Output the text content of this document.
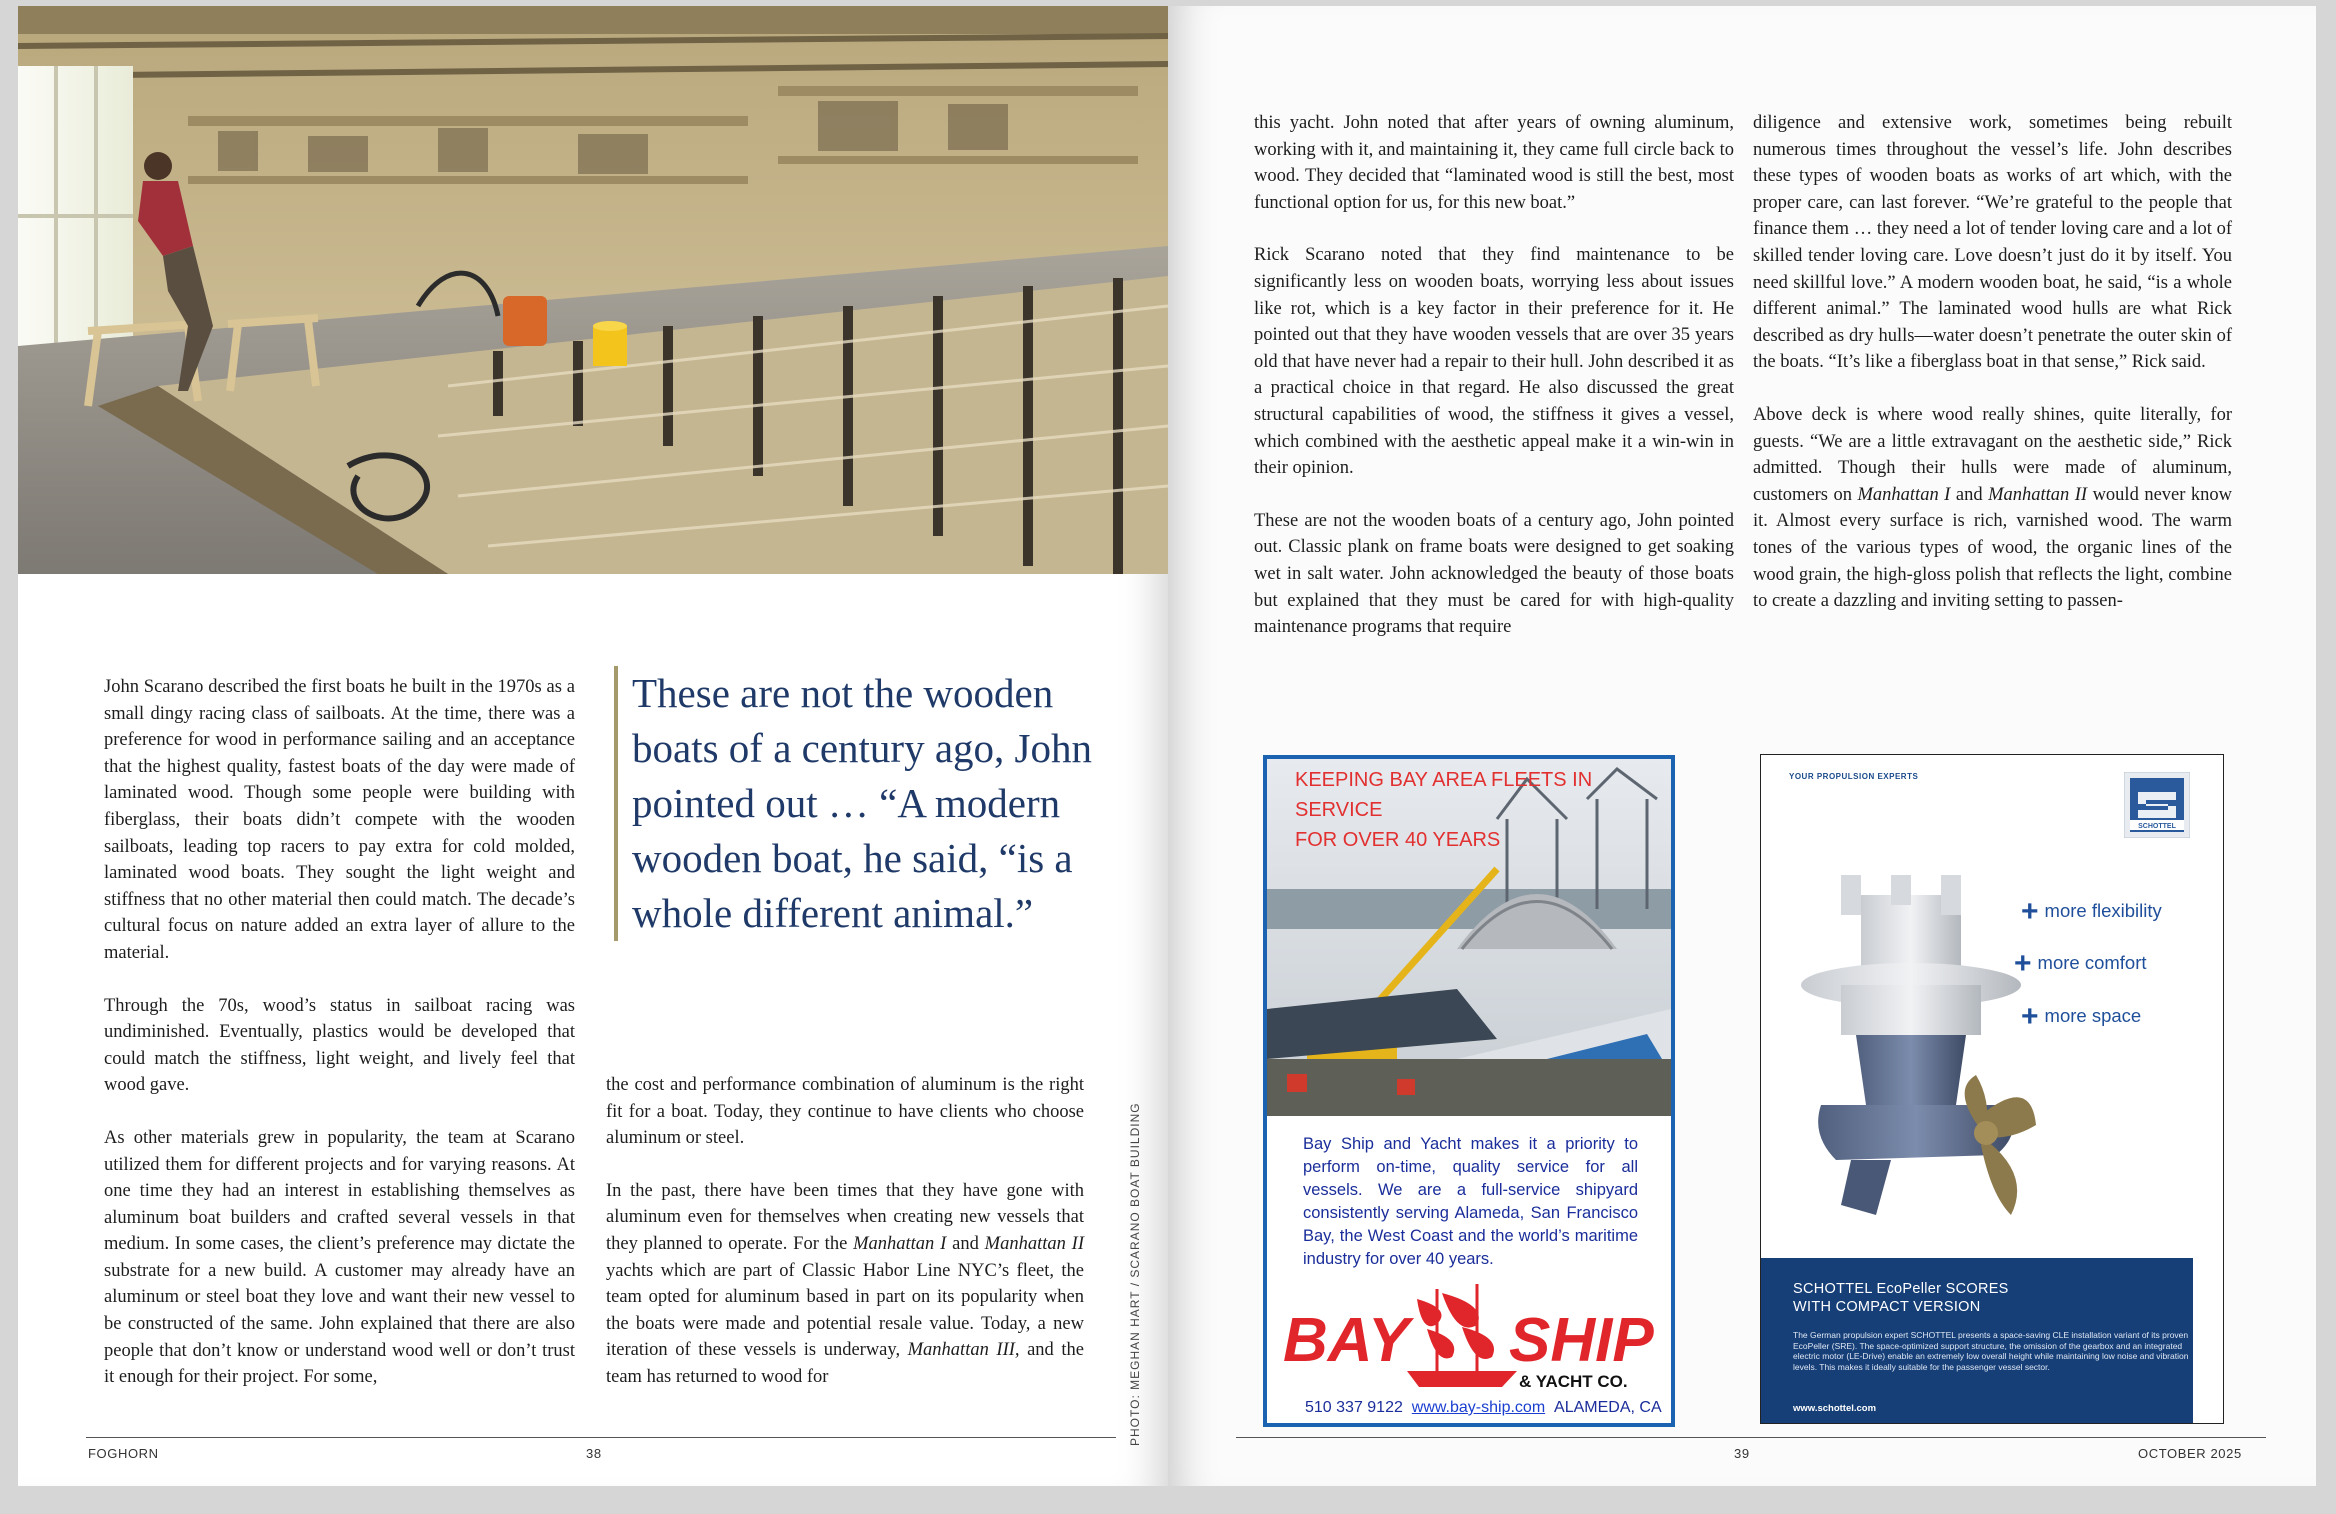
John Scarano described the first boats he built in the 1970s as a small dingy racing class of sailboats. At the time, there was a preference for wood in performance sailing and an acceptance that the highest quality, fastest boats of the day were made of laminated wood. Though some people were building with fiberglass, their boats didn’t compete with the wooden sailboats, leading top racers to pay extra for cold molded, laminated wood boats. They sought the light weight and stiffness that no other material then could match. The decade’s cultural focus on nature added an extra layer of allure to the material.

Through the 70s, wood’s status in sailboat racing was undiminished. Eventually, plastics would be developed that could match the stiffness, light weight, and lively feel that wood gave.

As other materials grew in popularity, the team at Scarano utilized them for different projects and for varying reasons. At one time they had an interest in establishing themselves as aluminum boat builders and crafted several vessels in that medium. In some cases, the client’s preference may dictate the substrate for a new build. A customer may already have an aluminum or steel boat they love and want their new vessel to be constructed of the same. John explained that there are also people that don’t know or understand wood well or don’t trust it enough for their project. For some,

These are not the wooden boats of a century ago, John pointed out … “A modern wooden boat, he said, “is a whole different animal.”

the cost and performance combination of aluminum is the right fit for a boat. Today, they continue to have clients who choose aluminum or steel.

In the past, there have been times that they have gone with aluminum even for themselves when creating new vessels that they planned to operate. For the Manhattan I and Manhattan II yachts which are part of Classic Habor Line NYC’s fleet, the team opted for aluminum based in part on its popularity when the boats were made and potential resale value. Today, a new iteration of these vessels is underway, Manhattan III, and the team has returned to wood for	PHOTO: MEGHAN HART / SCARANO BOAT BUILDING
FOGHORN	38

this yacht. John noted that after years of owning aluminum, working with it, and maintaining it, they came full circle back to wood. They decided that “laminated wood is still the best, most functional option for us, for this new boat.”

Rick Scarano noted that they find maintenance to be significantly less on wooden boats, worrying less about issues like rot, which is a key factor in their preference for it. He pointed out that they have wooden vessels that are over 35 years old that have never had a repair to their hull. John described it as a practical choice in that regard. He also discussed the great structural capabilities of wood, the stiffness it gives a vessel, which combined with the aesthetic appeal make it a win-win in their opinion.

These are not the wooden boats of a century ago, John pointed out. Classic plank on frame boats were designed to get soaking wet in salt water. John acknowledged the beauty of those boats but explained that they must be cared for with high-quality maintenance programs that require

diligence and extensive work, sometimes being rebuilt numerous times throughout the vessel’s life. John describes these types of wooden boats as works of art which, with the proper care, can last forever. “We’re grateful to the people that finance them … they need a lot of tender loving care and a lot of skilled tender loving care. Love doesn’t just do it by itself. You need skillful love.” A modern wooden boat, he said, “is a whole different animal.” The laminated wood hulls are what Rick described as dry hulls—water doesn’t penetrate the outer skin of the boats. “It’s like a fiberglass boat in that sense,” Rick said.

Above deck is where wood really shines, quite literally, for guests. “We are a little extravagant on the aesthetic side,” Rick admitted. Though their hulls were made of aluminum, customers on Manhattan I and Manhattan II would never know it. Almost every surface is rich, varnished wood. The warm tones of the various types of wood, the organic lines of the wood grain, the high-gloss polish that reflects the light, combine to create a dazzling and inviting setting to passen-

KEEPING BAY AREA FLEETS IN SERVICE
FOR OVER 40 YEARS
Bay Ship and Yacht makes it a priority to perform on-time, quality service for all vessels. We are a full-service shipyard consistently serving Alameda, San Francisco Bay, the West Coast and the world’s maritime industry for over 40 years.
BAY SHIP
& YACHT CO.
510 337 9122 www.bay-ship.com ALAMEDA, CA
YOUR PROPULSION EXPERTS
SCHOTTEL
+ more flexibility
+ more comfort
+ more space
SCHOTTEL EcoPeller SCORES
WITH COMPACT VERSION
The German propulsion expert SCHOTTEL presents a space-saving CLE installation variant of its proven EcoPeller (SRE). The space-optimized support structure, the omission of the gearbox and an integrated electric motor (LE-Drive) enable an extremely low overall height while maintaining low noise and vibration levels. This makes it ideally suitable for the passenger vessel sector.
www.schottel.com
39	OCTOBER 2025
